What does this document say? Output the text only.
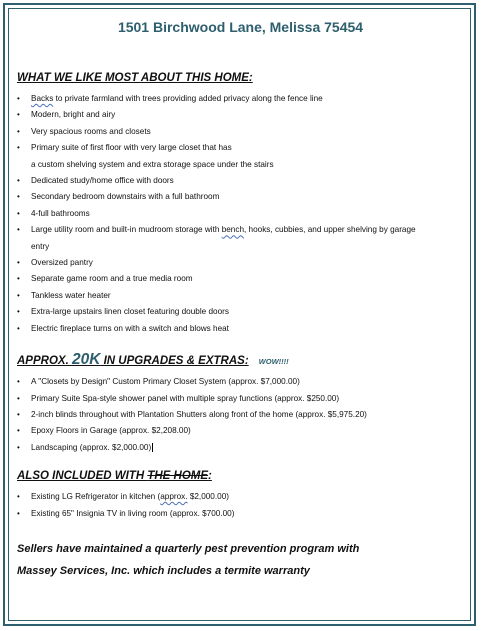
1501 Birchwood Lane, Melissa 75454
WHAT WE LIKE MOST ABOUT THIS HOME:
• Backs to private farmland with trees providing added privacy along the fence line
• Modern, bright and airy
• Very spacious rooms and closets
• Primary suite of first floor with very large closet that has
a custom shelving system and extra storage space under the stairs
• Dedicated study/home office with doors
• Secondary bedroom downstairs with a full bathroom
• 4-full bathrooms
• Large utility room and built-in mudroom storage with bench, hooks, cubbies, and upper shelving by garage
entry
• Oversized pantry
• Separate game room and a true media room
• Tankless water heater
• Extra-large upstairs linen closet featuring double doors
• Electric fireplace turns on with a switch and blows heat
APPROX. 20K IN UPGRADES & EXTRAS: WOW!!!!
• A "Closets by Design" Custom Primary Closet System (approx. $7,000.00)
• Primary Suite Spa-style shower panel with multiple spray functions (approx. $250.00)
• 2-inch blinds throughout with Plantation Shutters along front of the home (approx. $5,975.20)
• Epoxy Floors in Garage (approx. $2,208.00)
• Landscaping (approx. $2,000.00)
ALSO INCLUDED WITH THE HOME:
• Existing LG Refrigerator in kitchen (approx. $2,000.00)
• Existing 65" Insignia TV in living room (approx. $700.00)

Sellers have maintained a quarterly pest prevention program with

Massey Services, Inc. which includes a termite warranty
